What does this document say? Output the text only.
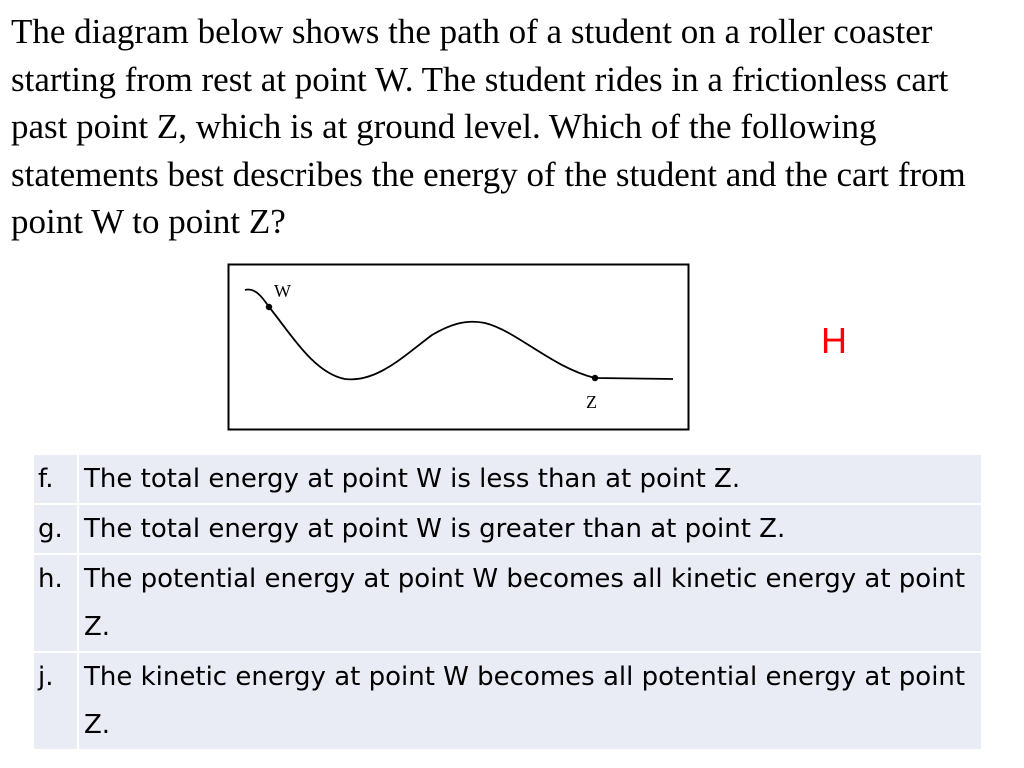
The diagram below shows the path of a student on a roller coaster starting from rest at point W. The student rides in a frictionless cart past point Z, which is at ground level. Which of the following statements best describes the energy of the student and the cart from point W to point Z?

W
Z
H
f.	The total energy at point W is less than at point Z.
g.	The total energy at point W is greater than at point Z.
h.	The potential energy at point W becomes all kinetic energy at point Z.
j.	The kinetic energy at point W becomes all potential energy at point Z.
